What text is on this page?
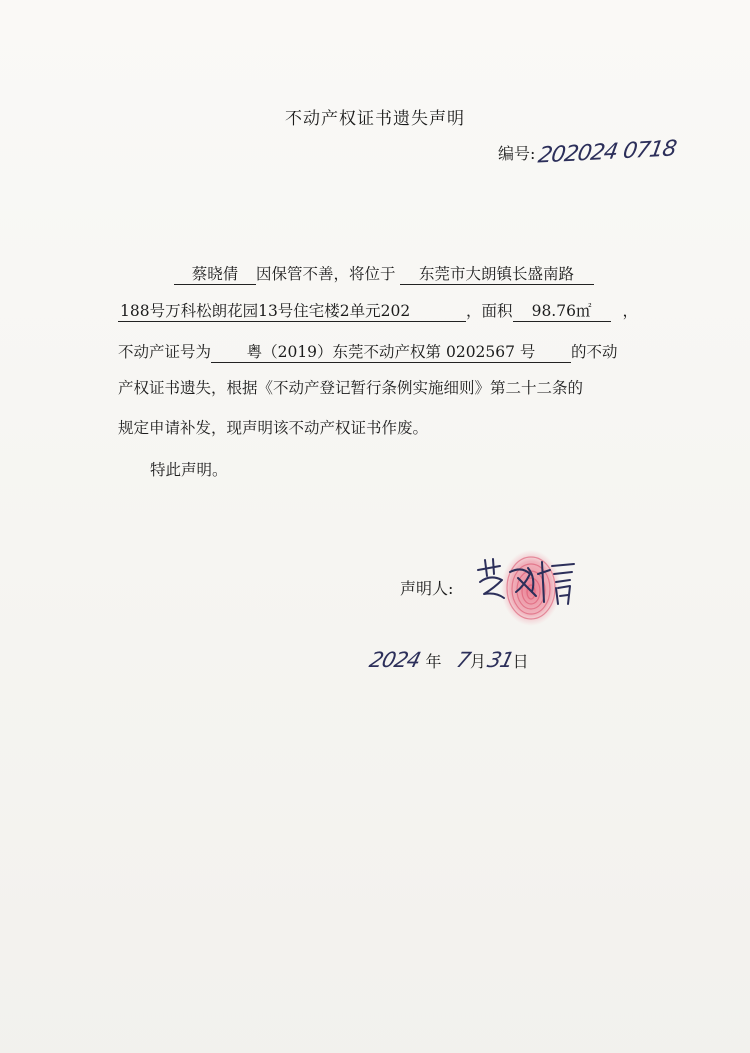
不动产权证书遗失声明
编号: 202024 0718
蔡晓倩 因保管不善，将位于 东莞市大朗镇长盛南路
188号万科松朗花园13号住宅楼2单元202	，面积 98.76㎡ ，
不动产证号为 粤（2019）东莞不动产权第 0202567 号 的不动
产权证书遗失，根据《不动产登记暂行条例实施细则》第二十二条的
规定申请补发，现声明该不动产权证书作废。
特此声明。
声明人:
2024 年 7
月 31
日
